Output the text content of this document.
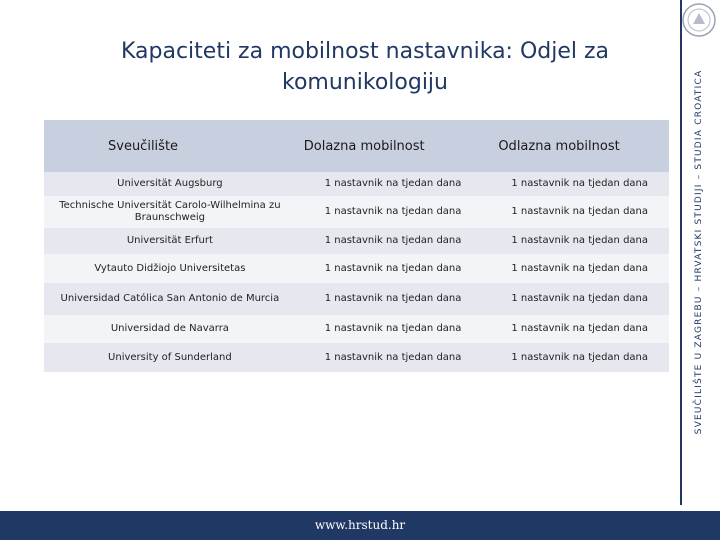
Kapaciteti za mobilnost nastavnika: Odjel za komunikologiju
Sveučilište	Dolazna mobilnost	Odlazna mobilnost
Universität Augsburg	1 nastavnik na tjedan dana	1 nastavnik na tjedan dana
Technische Universität Carolo-Wilhelmina zu Braunschweig	1 nastavnik na tjedan dana	1 nastavnik na tjedan dana
Universität Erfurt	1 nastavnik na tjedan dana	1 nastavnik na tjedan dana
Vytauto Didžiojo Universitetas	1 nastavnik na tjedan dana	1 nastavnik na tjedan dana
Universidad Católica San Antonio de Murcia	1 nastavnik na tjedan dana	1 nastavnik na tjedan dana
Universidad de Navarra	1 nastavnik na tjedan dana	1 nastavnik na tjedan dana
University of Sunderland	1 nastavnik na tjedan dana	1 nastavnik na tjedan dana	SVEUČILIŠTE U ZAGREBU – HRVATSKI STUDIJI – STUDIA CROATICA
www.hrstud.hr
